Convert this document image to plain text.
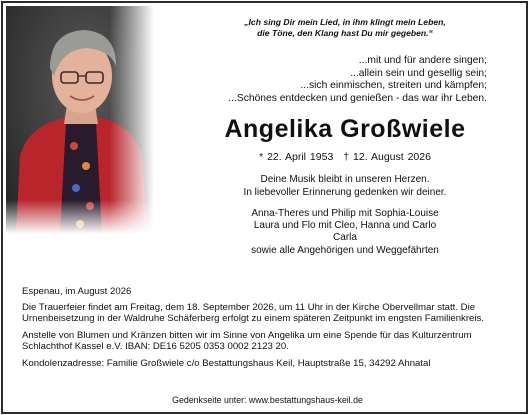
„Ich sing Dir mein Lied, in ihm klingt mein Leben,
die Töne, den Klang hast Du mir gegeben.“
...mit und für andere singen;
...allein sein und gesellig sein;
...sich einmischen, streiten und kämpfen;
...Schönes entdecken und genießen - das war ihr Leben.
Angelika Großwiele
* 22. April 1953 † 12. August 2026
Deine Musik bleibt in unseren Herzen.
In liebevoller Erinnerung gedenken wir deiner.
Anna-Theres und Philip mit Sophia-Louise
Laura und Flo mit Cleo, Hanna und Carlo
Carla
sowie alle Angehörigen und Weggefährten

Espenau, im August 2026

Die Trauerfeier findet am Freitag, dem 18. September 2026, um 11 Uhr in der Kirche Obervellmar statt. Die Urnenbeisetzung in der Waldruhe Schäferberg erfolgt zu einem späteren Zeitpunkt im engsten Familienkreis.

Anstelle von Blumen und Kränzen bitten wir im Sinne von Angelika um eine Spende für das Kulturzentrum Schlachthof Kassel e.V. IBAN: DE16 5205 0353 0002 2123 20.

Kondolenzadresse: Familie Großwiele c/o Bestattungshaus Keil, Hauptstraße 15, 34292 Ahnatal

Gedenkseite unter: www.bestattungshaus-keil.de
